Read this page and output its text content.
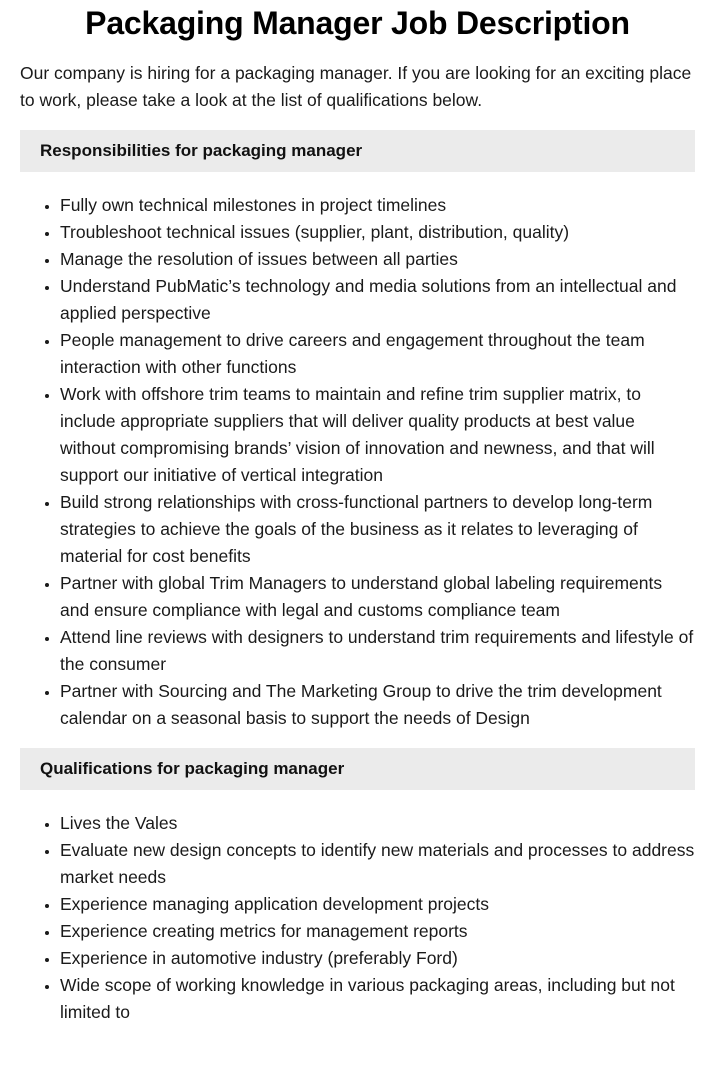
Packaging Manager Job Description

Our company is hiring for a packaging manager. If you are looking for an exciting place to work, please take a look at the list of qualifications below.

Responsibilities for packaging manager
• Fully own technical milestones in project timelines
• Troubleshoot technical issues (supplier, plant, distribution, quality)
• Manage the resolution of issues between all parties
• Understand PubMatic’s technology and media solutions from an intellectual and applied perspective
• People management to drive careers and engagement throughout the team interaction with other functions
• Work with offshore trim teams to maintain and refine trim supplier matrix, to include appropriate suppliers that will deliver quality products at best value without compromising brands’ vision of innovation and newness, and that will support our initiative of vertical integration
• Build strong relationships with cross-functional partners to develop long-term strategies to achieve the goals of the business as it relates to leveraging of material for cost benefits
• Partner with global Trim Managers to understand global labeling requirements and ensure compliance with legal and customs compliance team
• Attend line reviews with designers to understand trim requirements and lifestyle of the consumer
• Partner with Sourcing and The Marketing Group to drive the trim development calendar on a seasonal basis to support the needs of Design
Qualifications for packaging manager
• Lives the Vales
• Evaluate new design concepts to identify new materials and processes to address market needs
• Experience managing application development projects
• Experience creating metrics for management reports
• Experience in automotive industry (preferably Ford)
• Wide scope of working knowledge in various packaging areas, including but not limited to
